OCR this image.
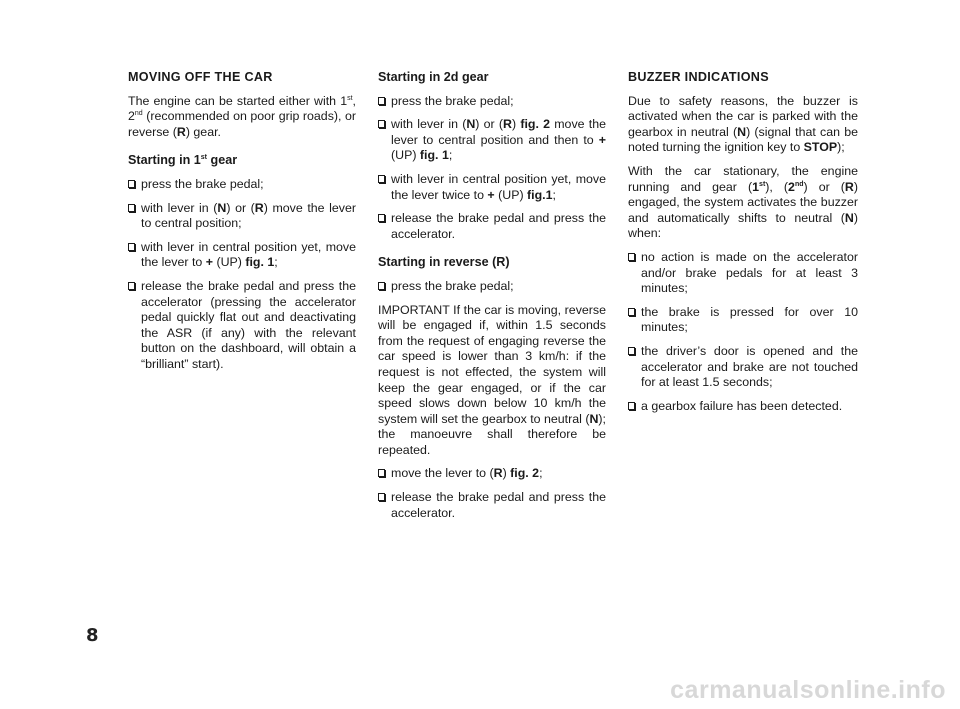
MOVING OFF THE CAR

The engine can be started either with 1st, 2nd (recommended on poor grip roads), or reverse (R) gear.

Starting in 1st gear
press the brake pedal;
with lever in (N) or (R) move the lever to central position;
with lever in central position yet, move the lever to + (UP) fig. 1;
release the brake pedal and press the accelerator (pressing the accelerator pedal quickly flat out and deactivating the ASR (if any) with the relevant button on the dashboard, will obtain a “brilliant” start).
Starting in 2d gear
press the brake pedal;
with lever in (N) or (R) fig. 2 move the lever to central position and then to + (UP) fig. 1;
with lever in central position yet, move the lever twice to + (UP) fig.1;
release the brake pedal and press the accelerator.
Starting in reverse (R)
press the brake pedal;

IMPORTANT If the car is moving, reverse will be engaged if, within 1.5 seconds from the request of engaging reverse the car speed is lower than 3 km/h: if the request is not effected, the system will keep the gear engaged, or if the car speed slows down below 10 km/h the system will set the gearbox to neutral (N); the manoeuvre shall therefore be repeated.

move the lever to (R) fig. 2;
release the brake pedal and press the accelerator.
BUZZER INDICATIONS

Due to safety reasons, the buzzer is activated when the car is parked with the gearbox in neutral (N) (signal that can be noted turning the ignition key to STOP);

With the car stationary, the engine running and gear (1st), (2nd) or (R) engaged, the system activates the buzzer and automatically shifts to neutral (N) when:

no action is made on the accelerator and/or brake pedals for at least 3 minutes;
the brake is pressed for over 10 minutes;
the driver’s door is opened and the accelerator and brake are not touched for at least 1.5 seconds;
a gearbox failure has been detected.
8
carmanualsonline.info
